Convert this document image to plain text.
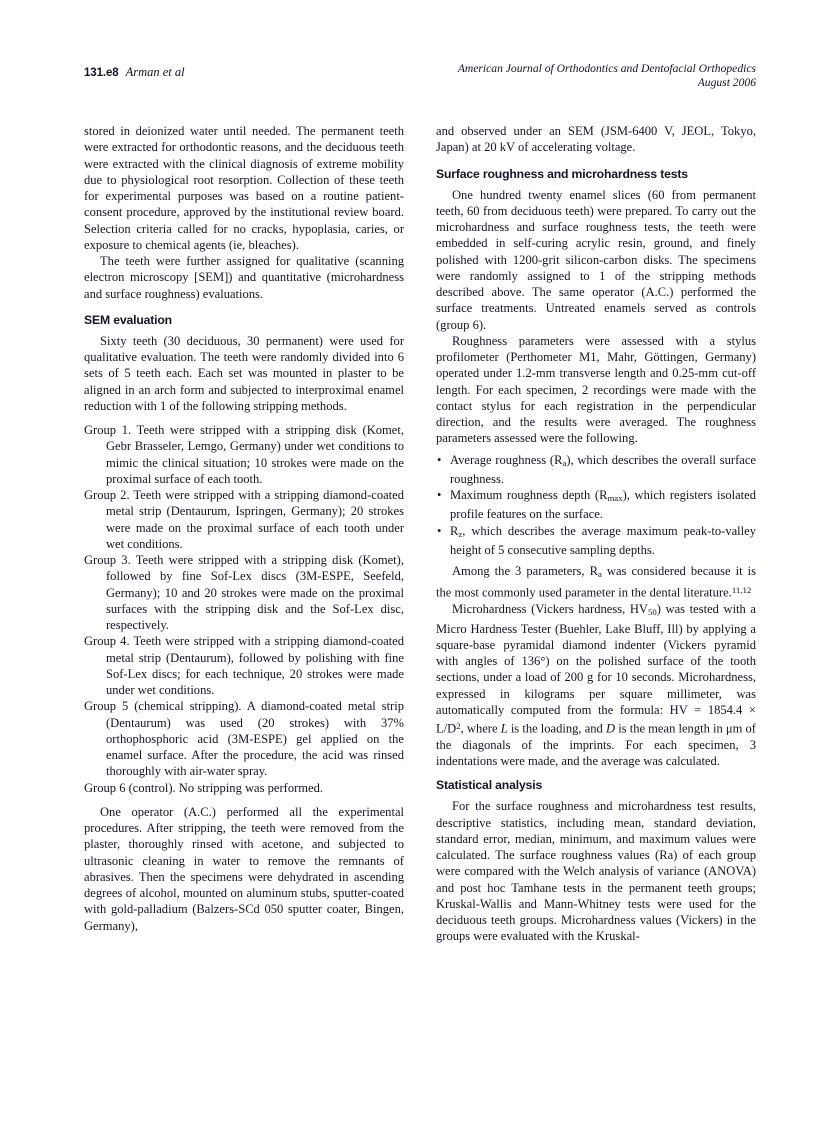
131.e8 Arman et al	American Journal of Orthodontics and Dentofacial Orthopedics
August 2006

stored in deionized water until needed. The permanent teeth were extracted for orthodontic reasons, and the deciduous teeth were extracted with the clinical diagnosis of extreme mobility due to physiological root resorption. Collection of these teeth for experimental purposes was based on a routine patient-consent procedure, approved by the institutional review board. Selection criteria called for no cracks, hypoplasia, caries, or exposure to chemical agents (ie, bleaches).

The teeth were further assigned for qualitative (scanning electron microscopy [SEM]) and quantitative (microhardness and surface roughness) evaluations.

SEM evaluation

Sixty teeth (30 deciduous, 30 permanent) were used for qualitative evaluation. The teeth were randomly divided into 6 sets of 5 teeth each. Each set was mounted in plaster to be aligned in an arch form and subjected to interproximal enamel reduction with 1 of the following stripping methods.

Group 1. Teeth were stripped with a stripping disk (Komet, Gebr Brasseler, Lemgo, Germany) under wet conditions to mimic the clinical situation; 10 strokes were made on the proximal surface of each tooth.
Group 2. Teeth were stripped with a stripping diamond-coated metal strip (Dentaurum, Ispringen, Germany); 20 strokes were made on the proximal surface of each tooth under wet conditions.
Group 3. Teeth were stripped with a stripping disk (Komet), followed by fine Sof-Lex discs (3M-ESPE, Seefeld, Germany); 10 and 20 strokes were made on the proximal surfaces with the stripping disk and the Sof-Lex disc, respectively.
Group 4. Teeth were stripped with a stripping diamond-coated metal strip (Dentaurum), followed by polishing with fine Sof-Lex discs; for each technique, 20 strokes were made under wet conditions.
Group 5 (chemical stripping). A diamond-coated metal strip (Dentaurum) was used (20 strokes) with 37% orthophosphoric acid (3M-ESPE) gel applied on the enamel surface. After the procedure, the acid was rinsed thoroughly with air-water spray.
Group 6 (control). No stripping was performed.

One operator (A.C.) performed all the experimental procedures. After stripping, the teeth were removed from the plaster, thoroughly rinsed with acetone, and subjected to ultrasonic cleaning in water to remove the remnants of abrasives. Then the specimens were dehydrated in ascending degrees of alcohol, mounted on aluminum stubs, sputter-coated with gold-palladium (Balzers-SCd 050 sputter coater, Bingen, Germany),

and observed under an SEM (JSM-6400 V, JEOL, Tokyo, Japan) at 20 kV of accelerating voltage.

Surface roughness and microhardness tests

One hundred twenty enamel slices (60 from permanent teeth, 60 from deciduous teeth) were prepared. To carry out the microhardness and surface roughness tests, the teeth were embedded in self-curing acrylic resin, ground, and finely polished with 1200-grit silicon-carbon disks. The specimens were randomly assigned to 1 of the stripping methods described above. The same operator (A.C.) performed the surface treatments. Untreated enamels served as controls (group 6).

Roughness parameters were assessed with a stylus profilometer (Perthometer M1, Mahr, Göttingen, Germany) operated under 1.2-mm transverse length and 0.25-mm cut-off length. For each specimen, 2 recordings were made with the contact stylus for each registration in the perpendicular direction, and the results were averaged. The roughness parameters assessed were the following.

• Average roughness $(R_a)$, which describes the overall surface roughness.
• Maximum roughness depth $(R_{max})$, which registers isolated profile features on the surface.
• $R_z$, which describes the average maximum peak-to-valley height of 5 consecutive sampling depths.

Among the 3 parameters, $R_a$ was considered because it is the most commonly used parameter in the dental literature.$^{11,12}$

Microhardness (Vickers hardness, $HV_{50}$) was tested with a Micro Hardness Tester (Buehler, Lake Bluff, Ill) by applying a square-base pyramidal diamond indenter (Vickers pyramid with angles of 136°) on the polished surface of the tooth sections, under a load of 200 g for 10 seconds. Microhardness, expressed in kilograms per square millimeter, was automatically computed from the formula: HV = $1854.4 \times L/D^2$, where L is the loading, and D is the mean length in μm of the diagonals of the imprints. For each specimen, 3 indentations were made, and the average was calculated.

Statistical analysis

For the surface roughness and microhardness test results, descriptive statistics, including mean, standard deviation, standard error, median, minimum, and maximum values were calculated. The surface roughness values (Ra) of each group were compared with the Welch analysis of variance (ANOVA) and post hoc Tamhane tests in the permanent teeth groups; Kruskal-Wallis and Mann-Whitney tests were used for the deciduous teeth groups. Microhardness values (Vickers) in the groups were evaluated with the Kruskal-
